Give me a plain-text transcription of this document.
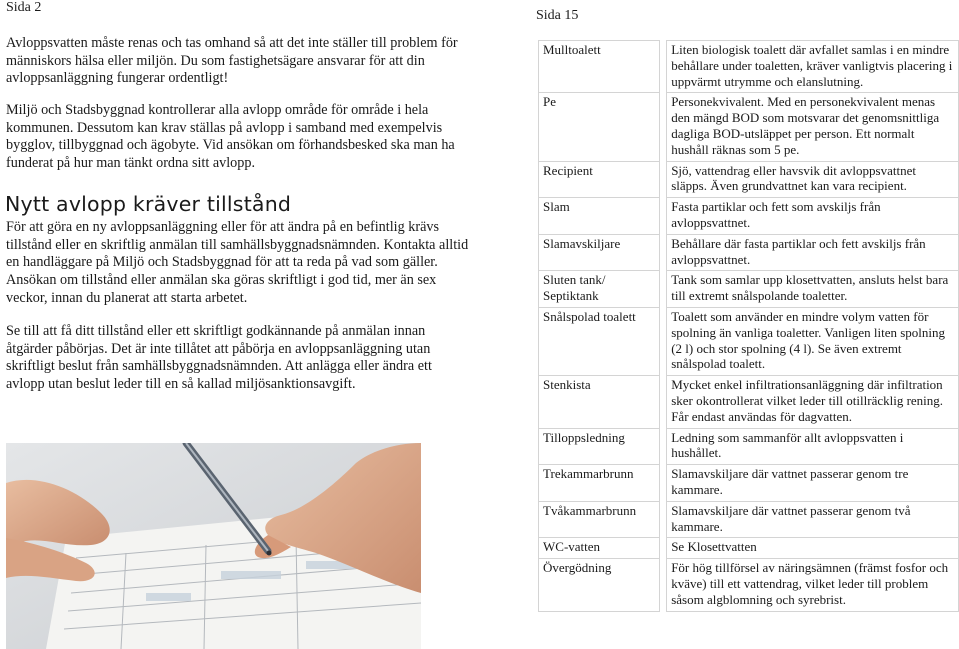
Sida 2

Avloppsvatten måste renas och tas omhand så att det inte ställer till problem för människors hälsa eller miljön. Du som fastighetsägare ansvarar för att din avloppsanläggning fungerar ordentligt!

Miljö och Stadsbyggnad kontrollerar alla avlopp område för område i hela kommunen. Dessutom kan krav ställas på avlopp i samband med exempelvis bygglov, tillbyggnad och ägobyte. Vid ansökan om förhandsbesked ska man ha funderat på hur man tänkt ordna sitt avlopp.

Nytt avlopp kräver tillstånd

För att göra en ny avloppsanläggning eller för att ändra på en befintlig krävs tillstånd eller en skriftlig anmälan till samhällsbyggnadsnämnden. Kontakta alltid en handläggare på Miljö och Stadsbyggnad för att ta reda på vad som gäller. Ansökan om tillstånd eller anmälan ska göras skriftligt i god tid, mer än sex veckor, innan du planerat att starta arbetet.

Se till att få ditt tillstånd eller ett skriftligt godkännande på anmälan innan åtgärder påbörjas. Det är inte tillåtet att påbörja en avloppsanläggning utan skriftligt beslut från samhällsbyggnadsnämnden. Att anlägga eller ändra ett avlopp utan beslut leder till en så kallad miljösanktionsavgift.

Sida 15
Mulltoalett		Liten biologisk toalett där avfallet samlas i en mindre behållare under toaletten, kräver vanligtvis placering i uppvärmt utrymme och elanslutning.
Pe		Personekvivalent. Med en personekvivalent menas den mängd BOD som motsvarar det genomsnittliga dagliga BOD-utsläppet per person. Ett normalt hushåll räknas som 5 pe.
Recipient		Sjö, vattendrag eller havsvik dit avloppsvattnet släpps. Även grundvattnet kan vara recipient.
Slam		Fasta partiklar och fett som avskiljs från avloppsvattnet.
Slamavskiljare		Behållare där fasta partiklar och fett avskiljs från avloppsvattnet.
Sluten tank/ Septiktank		Tank som samlar upp klosettvatten, ansluts helst bara till extremt snålspolande toaletter.
Snålspolad toalett		Toalett som använder en mindre volym vatten för spolning än vanliga toaletter. Vanligen liten spolning (2 l) och stor spolning (4 l). Se även extremt snålspolad toalett.
Stenkista		Mycket enkel infiltrationsanläggning där infiltration sker okontrollerat vilket leder till otillräcklig rening. Får endast användas för dagvatten.
Tilloppsledning		Ledning som sammanför allt avloppsvatten i hushållet.
Trekammarbrunn		Slamavskiljare där vattnet passerar genom tre kammare.
Tvåkammarbrunn		Slamavskiljare där vattnet passerar genom två kammare.
WC-vatten		Se Klosettvatten
Övergödning		För hög tillförsel av näringsämnen (främst fosfor och kväve) till ett vattendrag, vilket leder till problem såsom algblomning och syrebrist.
